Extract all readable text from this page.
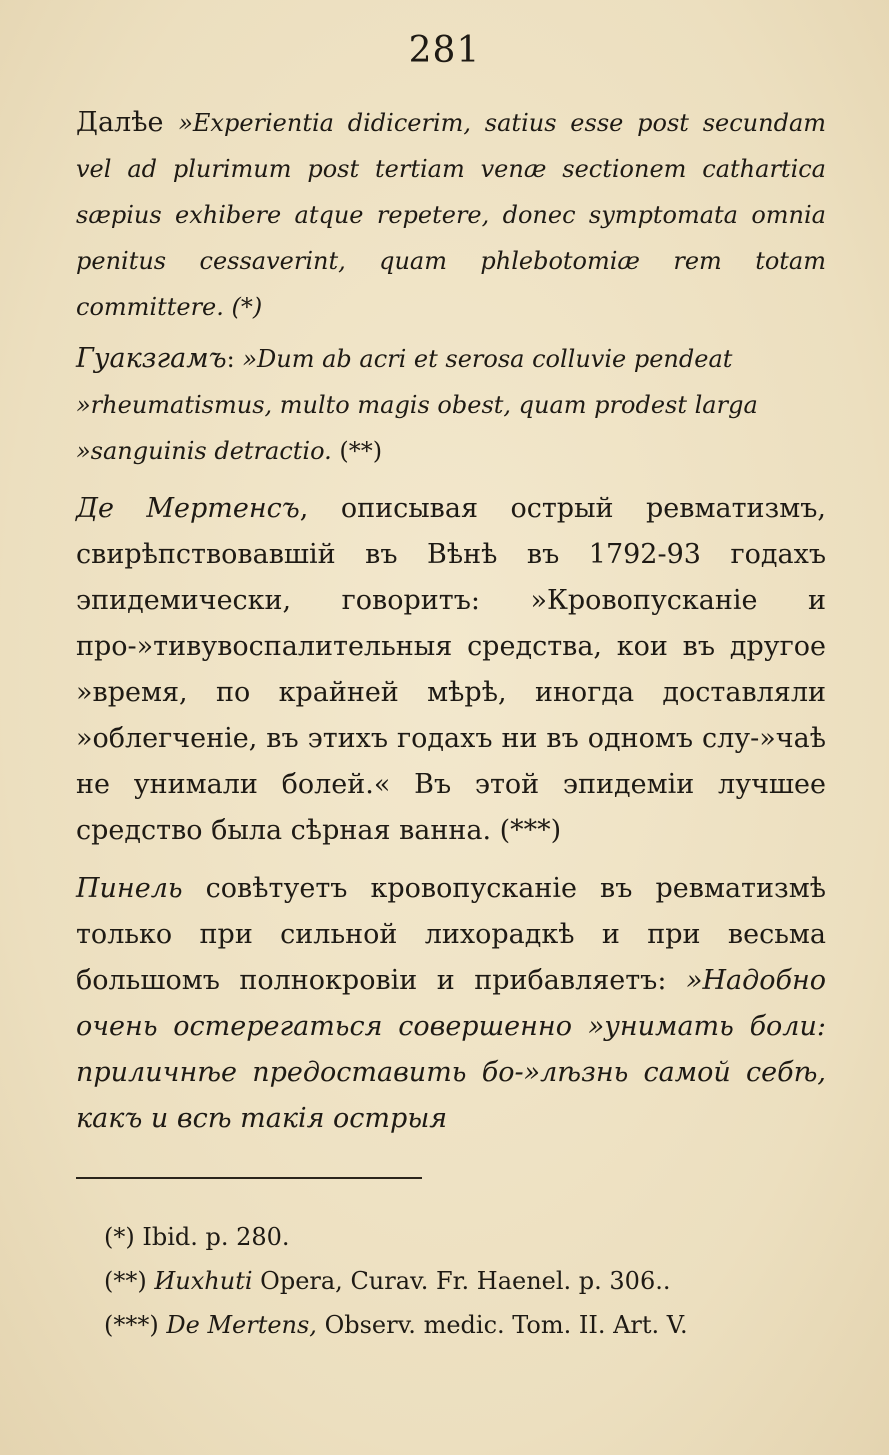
281

Далѣе »Experientia didicerim, satius esse post secundam vel ad plurimum post tertiam venæ sectionem cathartica sæpius exhibere atque repetere, donec symptomata omnia penitus cessaverint, quam phlebotomiæ rem totam committere. (*)

Гуакзгамъ: »Dum ab acri et serosa colluvie pendeat
»rheumatismus, multo magis obest, quam prodest larga
»sanguinis detractio. (**)

Де Мертенсъ, описывая острый ревматизмъ, свирѣпствовавшій въ Вѣнѣ въ 1792-93 годахъ эпидемически, говоритъ: »Кровопусканіе и про-»тивувоспалительныя средства, кои въ другое »время, по крайней мѣрѣ, иногда доставляли »облегченіе, въ этихъ годахъ ни въ одномъ слу-»чаѣ не унимали болей.« Въ этой эпидеміи лучшее средство была сѣрная ванна. (***)

Пинель совѣтуетъ кровопусканіе въ ревматизмѣ только при сильной лихорадкѣ и при весьма большомъ полнокровіи и прибавляетъ: »Надобно очень остерегаться совершенно »унимать боли: приличнѣе предоставить бо-»лѣзнь самой себѣ, какъ и всѣ такія острыя

(*) Ibid. p. 280.

(**) Иихhuti Opera, Curav. Fr. Haenel. p. 306..

(***) De Mertens, Observ. medic. Tom. II. Art. V.
